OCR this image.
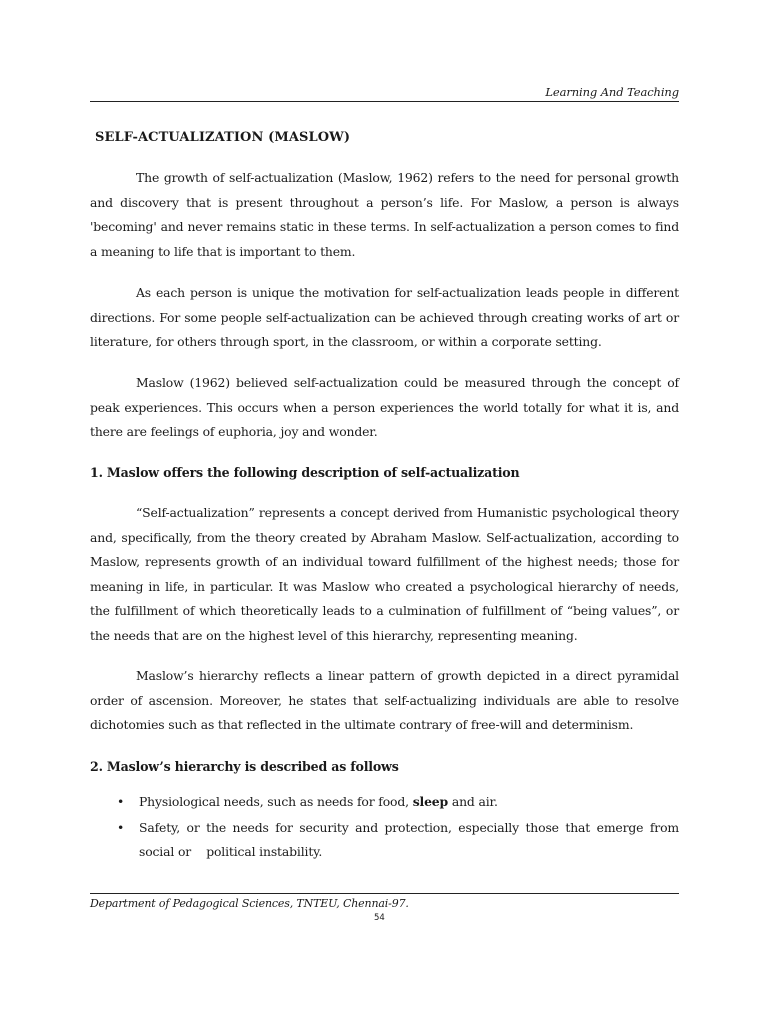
Learning And Teaching
SELF-ACTUALIZATION (MASLOW)

The growth of self-actualization (Maslow, 1962) refers to the need for personal growth and discovery that is present throughout a person’s life. For Maslow, a person is always 'becoming' and never remains static in these terms. In self-actualization a person comes to find a meaning to life that is important to them.

As each person is unique the motivation for self-actualization leads people in different directions. For some people self-actualization can be achieved through creating works of art or literature, for others through sport, in the classroom, or within a corporate setting.

Maslow (1962) believed self-actualization could be measured through the concept of peak experiences. This occurs when a person experiences the world totally for what it is, and there are feelings of euphoria, joy and wonder.

1. Maslow offers the following description of self-actualization

“Self-actualization” represents a concept derived from Humanistic psychological theory and, specifically, from the theory created by Abraham Maslow. Self-actualization, according to Maslow, represents growth of an individual toward fulfillment of the highest needs; those for meaning in life, in particular. It was Maslow who created a psychological hierarchy of needs, the fulfillment of which theoretically leads to a culmination of fulfillment of “being values”, or the needs that are on the highest level of this hierarchy, representing meaning.

Maslow’s hierarchy reflects a linear pattern of growth depicted in a direct pyramidal order of ascension. Moreover, he states that self-actualizing individuals are able to resolve dichotomies such as that reflected in the ultimate contrary of free-will and determinism.

2. Maslow’s hierarchy is described as follows
• Physiological needs, such as needs for food, sleep and air.
• Safety, or the needs for security and protection, especially those that emerge from social or    political instability.
Department of Pedagogical Sciences, TNTEU, Chennai-97.
54
